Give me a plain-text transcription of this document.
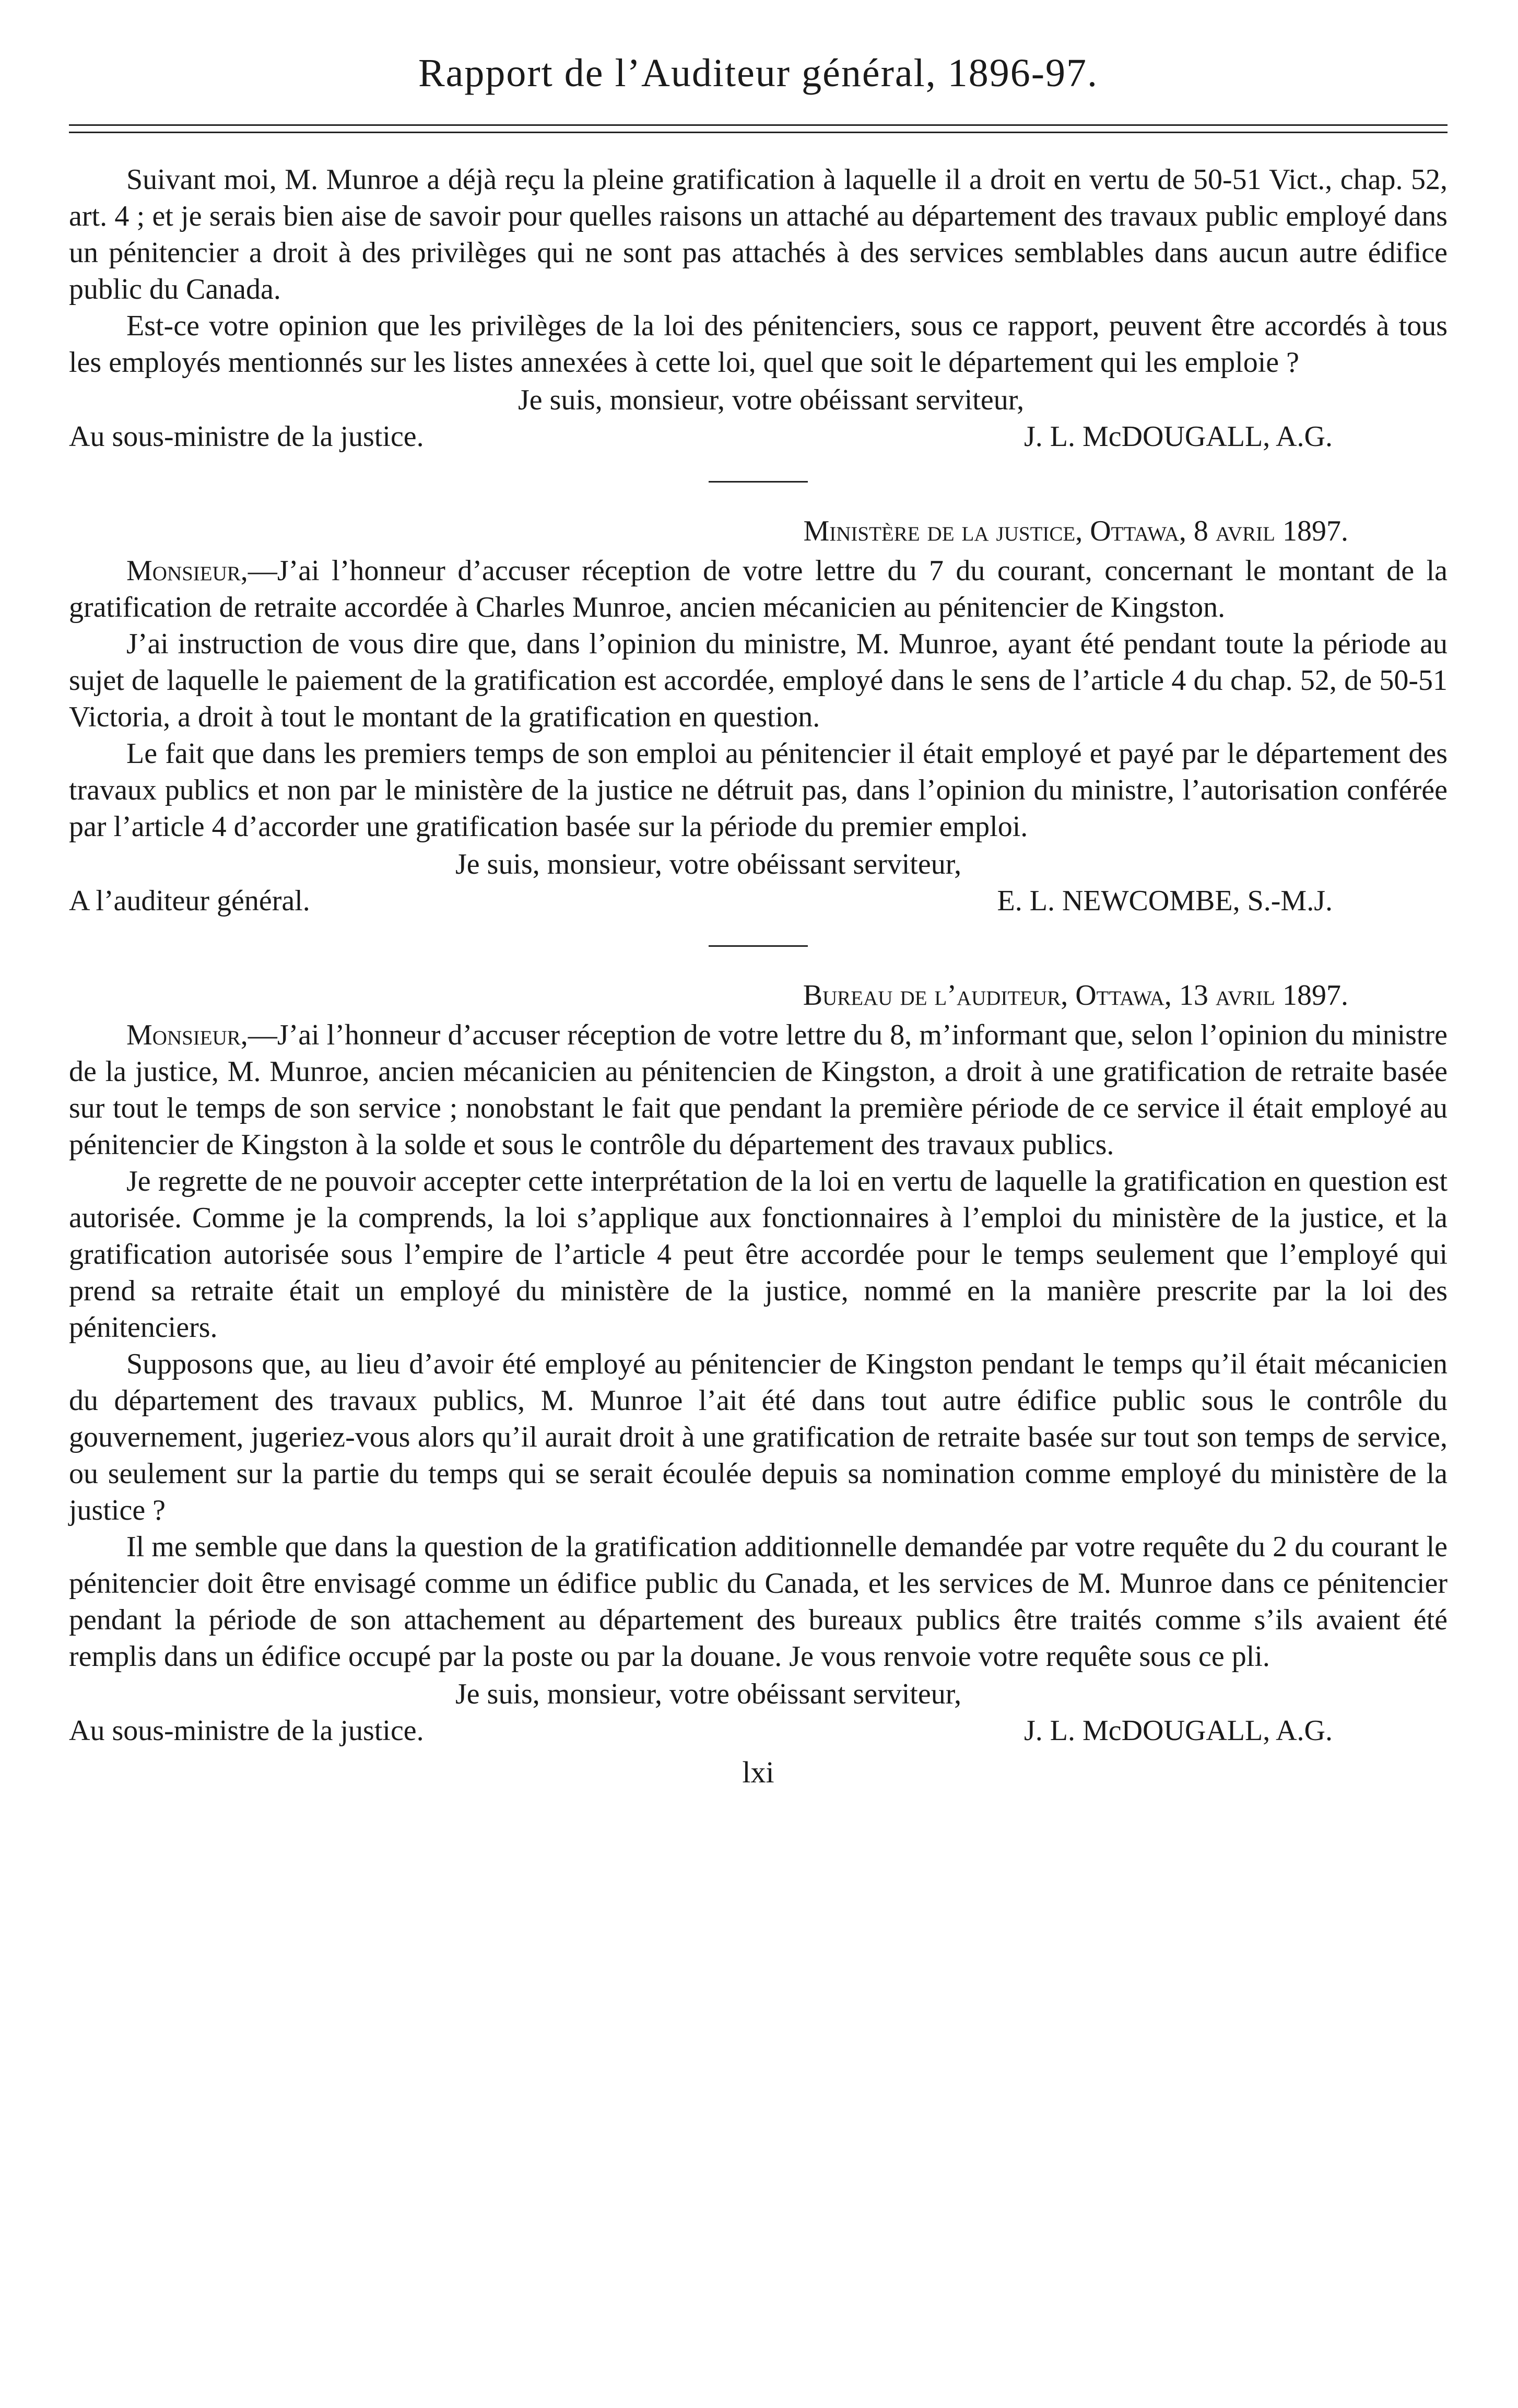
Rapport de l’Auditeur général, 1896-97.

Suivant moi, M. Munroe a déjà reçu la pleine gratification à laquelle il a droit en vertu de 50-51 Vict., chap. 52, art. 4 ; et je serais bien aise de savoir pour quelles raisons un attaché au département des travaux public employé dans un pénitencier a droit à des privilèges qui ne sont pas attachés à des services semblables dans aucun autre édifice public du Canada.

Est-ce votre opinion que les privilèges de la loi des pénitenciers, sous ce rapport, peuvent être accordés à tous les employés mentionnés sur les listes annexées à cette loi, quel que soit le département qui les emploie ?

Je suis, monsieur, votre obéissant serviteur,

Au sous-ministre de la justice.	J. L. McDOUGALL, A.G.
Ministère de la justice, Ottawa, 8 avril 1897.

Monsieur,—J’ai l’honneur d’accuser réception de votre lettre du 7 du courant, concernant le montant de la gratification de retraite accordée à Charles Munroe, ancien mécanicien au pénitencier de Kingston.

J’ai instruction de vous dire que, dans l’opinion du ministre, M. Munroe, ayant été pendant toute la période au sujet de laquelle le paiement de la gratification est accordée, employé dans le sens de l’article 4 du chap. 52, de 50-51 Victoria, a droit à tout le montant de la gratification en question.

Le fait que dans les premiers temps de son emploi au pénitencier il était employé et payé par le département des travaux publics et non par le ministère de la justice ne détruit pas, dans l’opinion du ministre, l’autorisation conférée par l’article 4 d’accorder une gratification basée sur la période du premier emploi.

Je suis, monsieur, votre obéissant serviteur,

A l’auditeur général.	E. L. NEWCOMBE, S.-M.J.
Bureau de l’auditeur, Ottawa, 13 avril 1897.

Monsieur,—J’ai l’honneur d’accuser réception de votre lettre du 8, m’informant que, selon l’opinion du ministre de la justice, M. Munroe, ancien mécanicien au pénitencien de Kingston, a droit à une gratification de retraite basée sur tout le temps de son service ; nonobstant le fait que pendant la première période de ce service il était employé au pénitencier de Kingston à la solde et sous le contrôle du département des travaux publics.

Je regrette de ne pouvoir accepter cette interprétation de la loi en vertu de laquelle la gratification en question est autorisée. Comme je la comprends, la loi s’applique aux fonctionnaires à l’emploi du ministère de la justice, et la gratification autorisée sous l’empire de l’article 4 peut être accordée pour le temps seulement que l’employé qui prend sa retraite était un employé du ministère de la justice, nommé en la manière prescrite par la loi des pénitenciers.

Supposons que, au lieu d’avoir été employé au pénitencier de Kingston pendant le temps qu’il était mécanicien du département des travaux publics, M. Munroe l’ait été dans tout autre édifice public sous le contrôle du gouvernement, jugeriez-vous alors qu’il aurait droit à une gratification de retraite basée sur tout son temps de service, ou seulement sur la partie du temps qui se serait écoulée depuis sa nomination comme employé du ministère de la justice ?

Il me semble que dans la question de la gratification additionnelle demandée par votre requête du 2 du courant le pénitencier doit être envisagé comme un édifice public du Canada, et les services de M. Munroe dans ce pénitencier pendant la période de son attachement au département des bureaux publics être traités comme s’ils avaient été remplis dans un édifice occupé par la poste ou par la douane. Je vous renvoie votre requête sous ce pli.

Je suis, monsieur, votre obéissant serviteur,

Au sous-ministre de la justice.	J. L. McDOUGALL, A.G.
lxi
